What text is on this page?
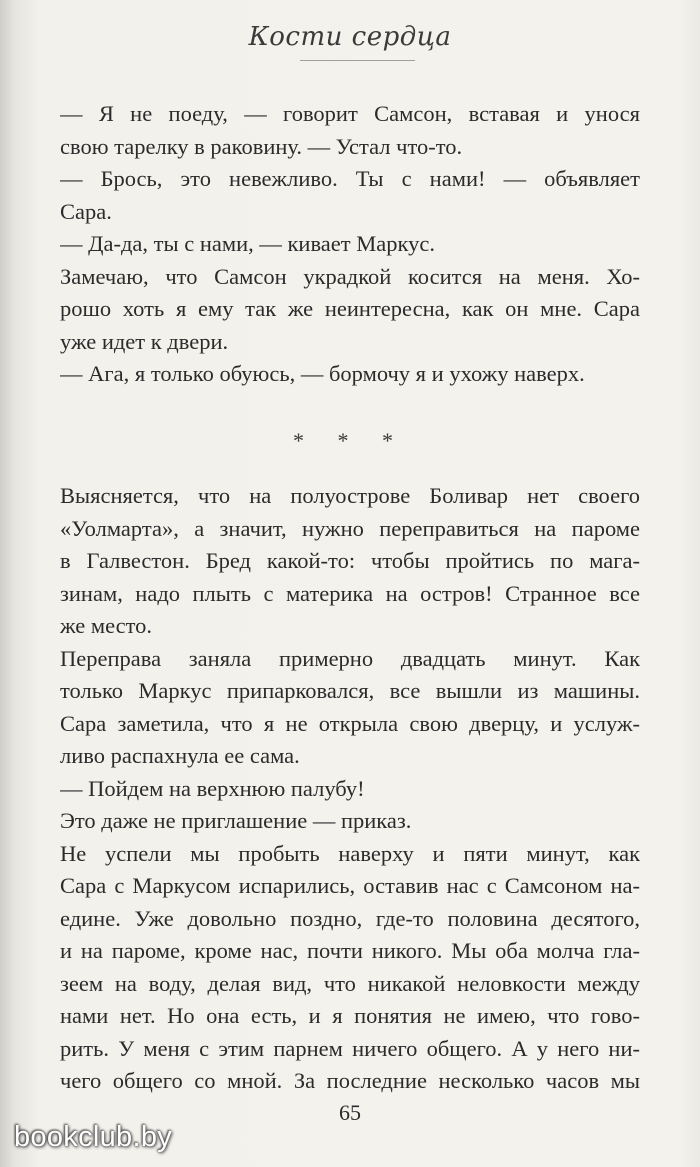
Кости сердца
— Я не поеду, — говорит Самсон, вставая и унося
свою тарелку в раковину. — Устал что-то.
— Брось, это невежливо. Ты с нами! — объявляет
Сара.
— Да-да, ты с нами, — кивает Маркус.
Замечаю, что Самсон украдкой косится на меня. Хо-
рошо хоть я ему так же неинтересна, как он мне. Сара
уже идет к двери.
— Ага, я только обуюсь, — бормочу я и ухожу наверх.
* * *
Выясняется, что на полуострове Боливар нет своего
«Уолмарта», а значит, нужно переправиться на пароме
в Галвестон. Бред какой-то: чтобы пройтись по мага-
зинам, надо плыть с материка на остров! Странное все
же место.
Переправа заняла примерно двадцать минут. Как
только Маркус припарковался, все вышли из машины.
Сара заметила, что я не открыла свою дверцу, и услуж-
ливо распахнула ее сама.
— Пойдем на верхнюю палубу!
Это даже не приглашение — приказ.
Не успели мы пробыть наверху и пяти минут, как
Сара с Маркусом испарились, оставив нас с Самсоном на-
едине. Уже довольно поздно, где-то половина десятого,
и на пароме, кроме нас, почти никого. Мы оба молча гла-
зеем на воду, делая вид, что никакой неловкости между
нами нет. Но она есть, и я понятия не имею, что гово-
рить. У меня с этим парнем ничего общего. А у него ни-
чего общего со мной. За последние несколько часов мы
65
bookclub.by
